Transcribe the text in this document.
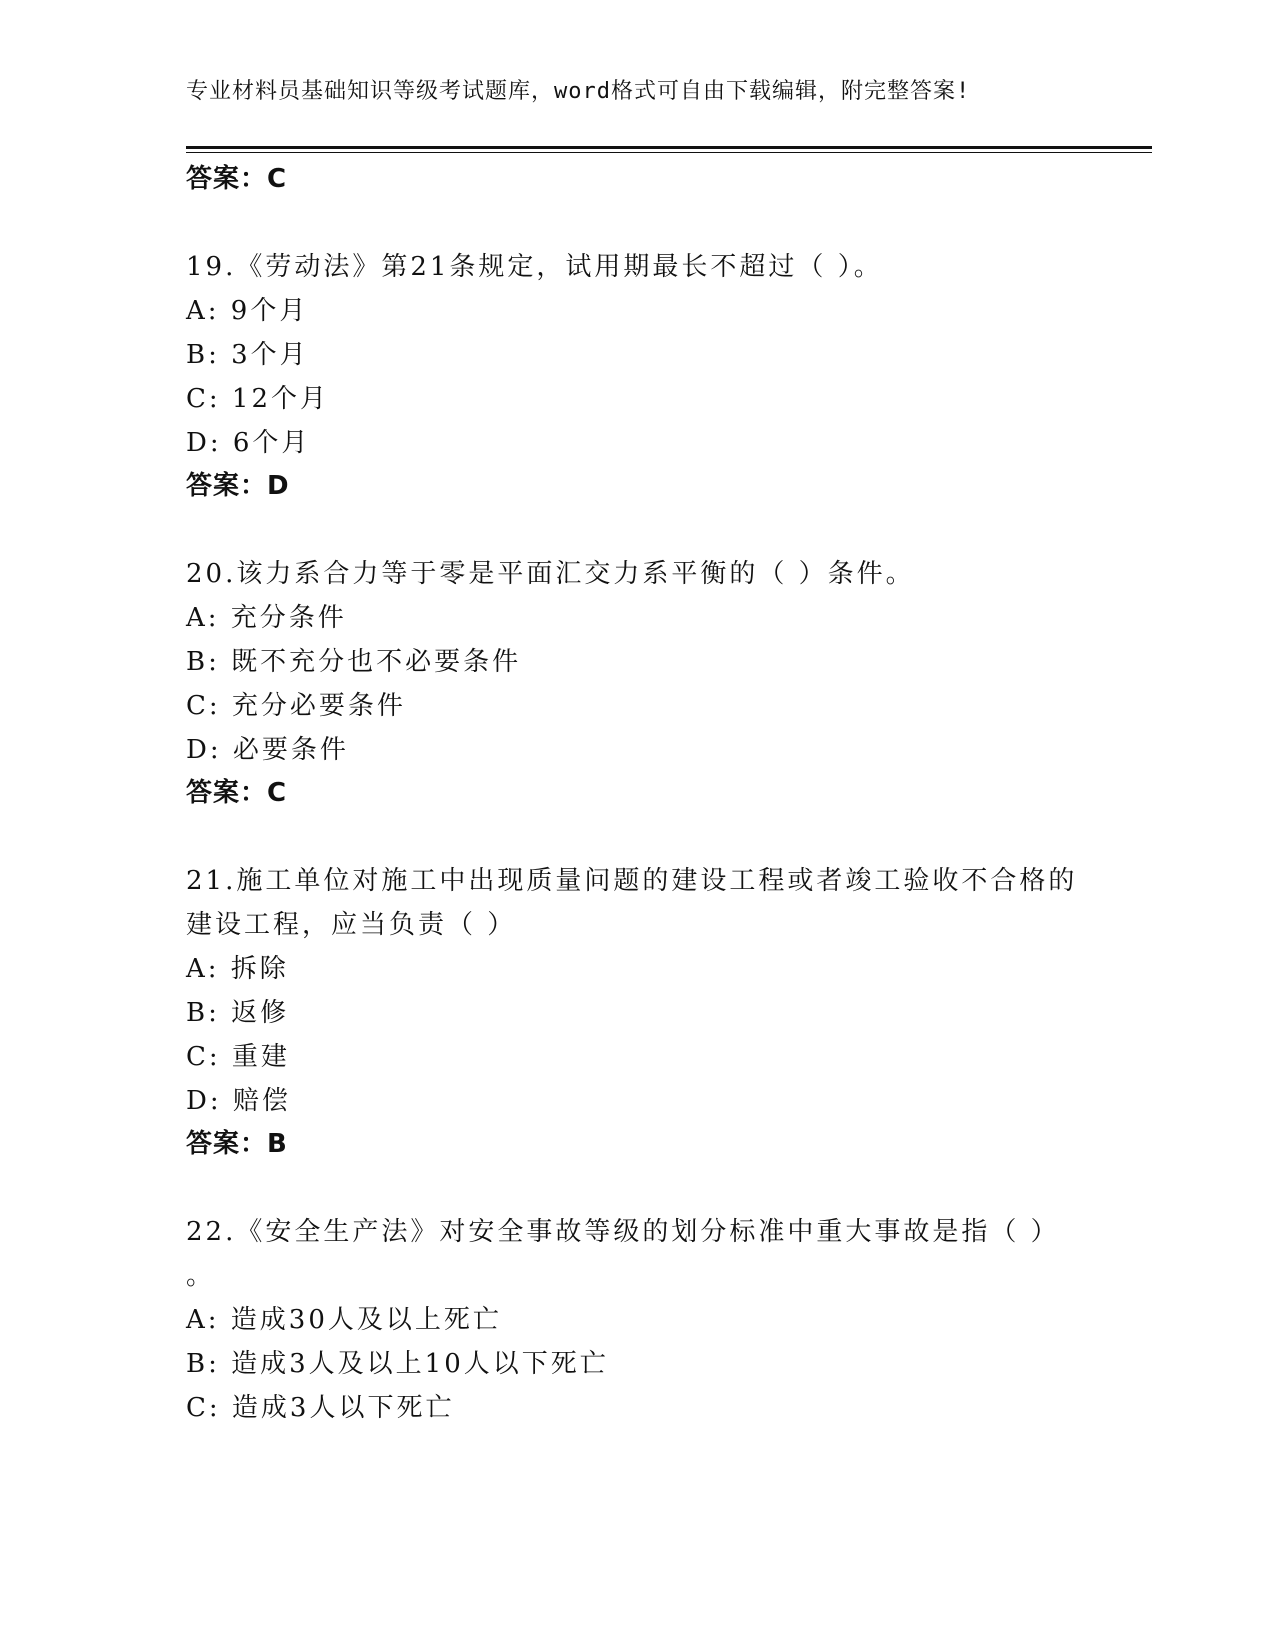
专业材料员基础知识等级考试题库，word格式可自由下载编辑，附完整答案!
答案：C
19.《劳动法》第21条规定，试用期最长不超过（ ）。
A: 9个月
B: 3个月
C: 12个月
D: 6个月
答案：D
20.该力系合力等于零是平面汇交力系平衡的（ ）条件。
A: 充分条件
B: 既不充分也不必要条件
C: 充分必要条件
D: 必要条件
答案：C
21.施工单位对施工中出现质量问题的建设工程或者竣工验收不合格的
建设工程，应当负责（ ）
A: 拆除
B: 返修
C: 重建
D: 赔偿
答案：B
22.《安全生产法》对安全事故等级的划分标准中重大事故是指（ ）
。
A: 造成30人及以上死亡
B: 造成3人及以上10人以下死亡
C: 造成3人以下死亡
